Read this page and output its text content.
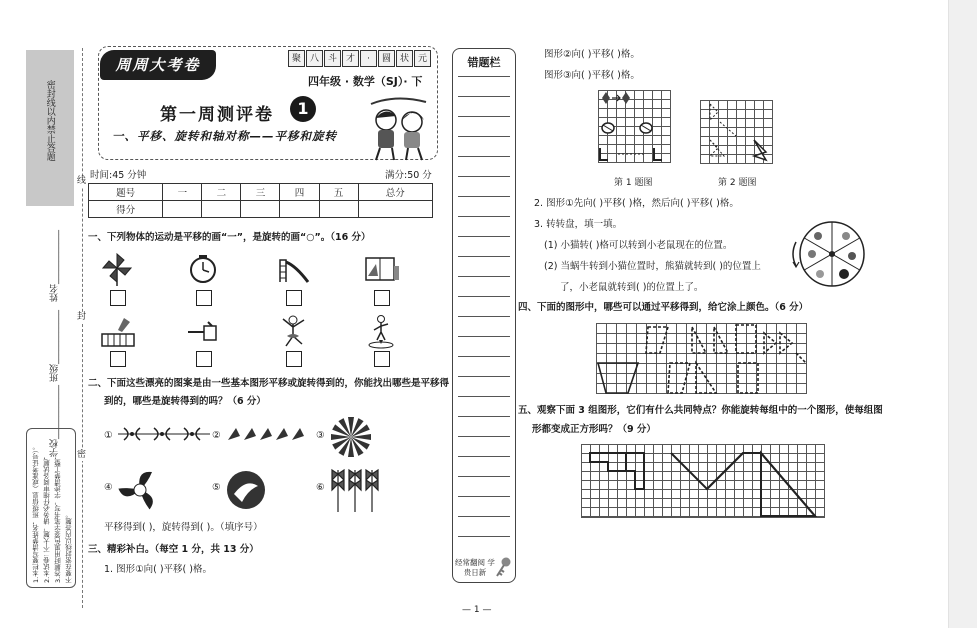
密封线以内禁止答题
线
封
密
姓名____________
班级____________
学校____________
1.本栏要写清楚姓名，班级信息（或准考证号）。 2.本试卷二个大题，请务必仔细审阅各试题， 3.答题时用黑色签字笔书写，字迹清楚工整， 不要在密封线以内答题。
周周大考卷	聚 八 斗 才	·	圆 状 元
四年级 · 数学（SJ）· 下
第一周测评卷	1
一、平移、旋转和轴对称——平移和旋转
时间:45 分钟	满分:50 分
题号	一	二	三	四	五	总分
得分						
一、下列物体的运动是平移的画“一”，是旋转的画“○”。（16 分）
二、下面这些漂亮的图案是由一些基本图形平移或旋转得到的，你能找出哪些是平移得
到的，哪些是旋转得到的吗？（6 分）
①	②	③
④	⑤	⑥
平移得到( )，旋转得到( )。（填序号）
三、精彩补白。（每空 1 分，共 13 分）
1. 图形①向( )平移( )格。
— 1 —
错题栏
经常翻阅 学贵日新
图形②向( )平移( )格。
图形③向( )平移( )格。
第 1 题图	第 2 题图
2. 图形①先向( )平移( )格，然后向( )平移( )格。
3. 转转盘，填一填。
(1) 小猫转( )格可以转到小老鼠现在的位置。
(2) 当蜗牛转到小猫位置时，熊猫就转到( )的位置上
了，小老鼠就转到( )的位置上了。
四、下面的图形中，哪些可以通过平移得到，给它涂上颜色。（6 分）
五、观察下面 3 组图形，它们有什么共同特点？你能旋转每组中的一个图形，使每组图
形都变成正方形吗？（9 分）
